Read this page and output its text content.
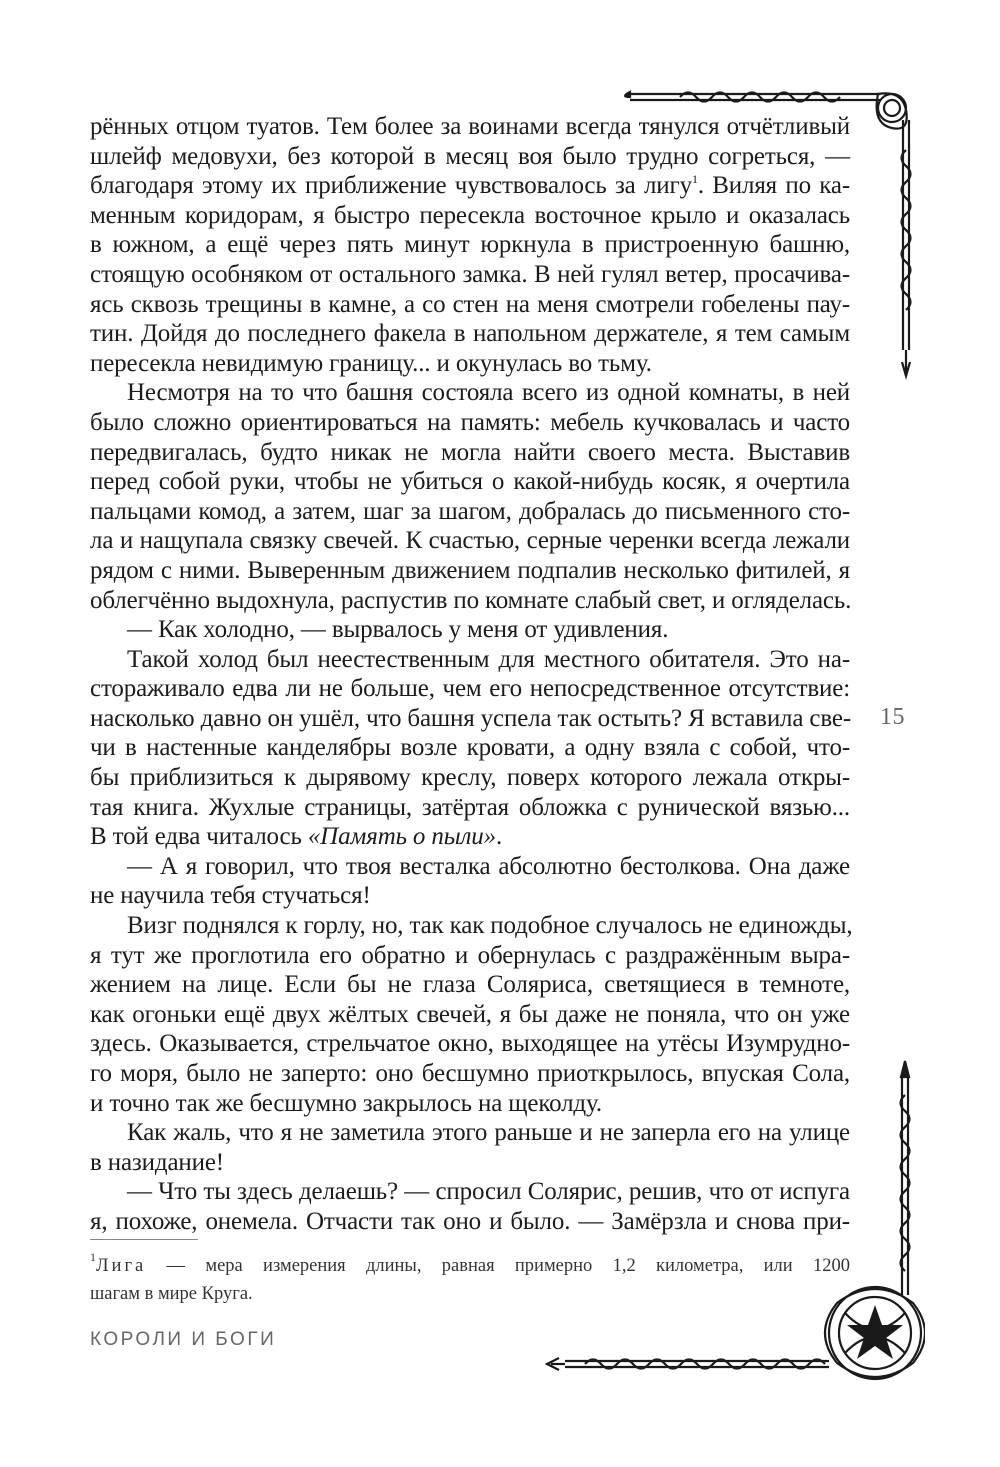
рённых отцом туатов. Тем более за воинами всегда тянулся отчётливый
шлейф медовухи, без которой в месяц воя было трудно согреться, —
благодаря этому их приближение чувствовалось за лигу$^1$. Виляя по ка-
менным коридорам, я быстро пересекла восточное крыло и оказалась
в южном, а ещё через пять минут юркнула в пристроенную башню,
стоящую особняком от остального замка. В ней гулял ветер, просачива-
ясь сквозь трещины в камне, а со стен на меня смотрели гобелены пау-
тин. Дойдя до последнего факела в напольном держателе, я тем самым
пересекла невидимую границу... и окунулась во тьму.

Несмотря на то что башня состояла всего из одной комнаты, в ней
было сложно ориентироваться на память: мебель кучковалась и часто
передвигалась, будто никак не могла найти своего места. Выставив
перед собой руки, чтобы не убиться о какой-нибудь косяк, я очертила
пальцами комод, а затем, шаг за шагом, добралась до письменного сто-
ла и нащупала связку свечей. К счастью, серные черенки всегда лежали
рядом с ними. Выверенным движением подпалив несколько фитилей, я
облегчённо выдохнула, распустив по комнате слабый свет, и огляделась.

— Как холодно, — вырвалось у меня от удивления.

Такой холод был неестественным для местного обитателя. Это на-
стораживало едва ли не больше, чем его непосредственное отсутствие:
насколько давно он ушёл, что башня успела так остыть? Я вставила све-
чи в настенные канделябры возле кровати, а одну взяла с собой, что-
бы приблизиться к дырявому креслу, поверх которого лежала откры-
тая книга. Жухлые страницы, затёртая обложка с рунической вязью...
В той едва читалось «Память о пыли».

— А я говорил, что твоя весталка абсолютно бестолкова. Она даже
не научила тебя стучаться!

Визг поднялся к горлу, но, так как подобное случалось не единожды,
я тут же проглотила его обратно и обернулась с раздражённым выра-
жением на лице. Если бы не глаза Соляриса, светящиеся в темноте,
как огоньки ещё двух жёлтых свечей, я бы даже не поняла, что он уже
здесь. Оказывается, стрельчатое окно, выходящее на утёсы Изумрудно-
го моря, было не заперто: оно бесшумно приоткрылось, впуская Сола,
и точно так же бесшумно закрылось на щеколду.

Как жаль, что я не заметила этого раньше и не заперла его на улице
в назидание!

— Что ты здесь делаешь? — спросил Солярис, решив, что от испуга
я, похоже, онемела. Отчасти так оно и было. — Замёрзла и снова при-

15
$^1$Лига — мера измерения длины, равная примерно 1,2 километра, или 1200
шагам в мире Круга.
КОРОЛИ И БОГИ
